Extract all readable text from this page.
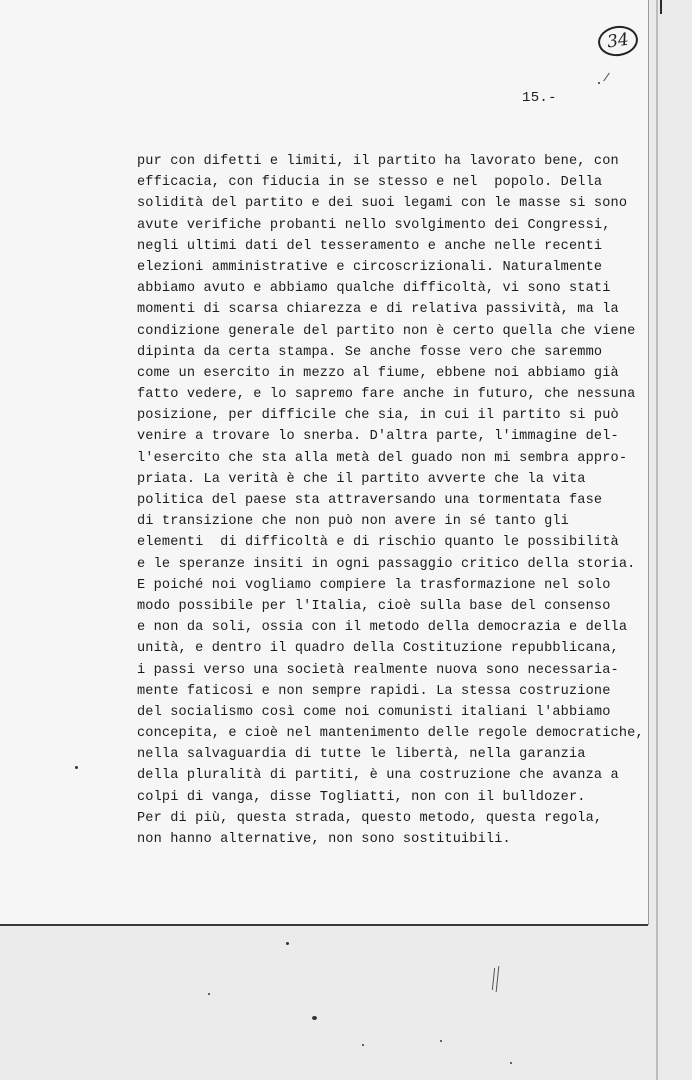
34
15.-
pur con difetti e limiti, il partito ha lavorato bene, con
efficacia, con fiducia in se stesso e nel  popolo. Della
solidità del partito e dei suoi legami con le masse si sono
avute verifiche probanti nello svolgimento dei Congressi,
negli ultimi dati del tesseramento e anche nelle recenti
elezioni amministrative e circoscrizionali. Naturalmente
abbiamo avuto e abbiamo qualche difficoltà, vi sono stati
momenti di scarsa chiarezza e di relativa passività, ma la
condizione generale del partito non è certo quella che viene
dipinta da certa stampa. Se anche fosse vero che saremmo
come un esercito in mezzo al fiume, ebbene noi abbiamo già
fatto vedere, e lo sapremo fare anche in futuro, che nessuna
posizione, per difficile che sia, in cui il partito si può
venire a trovare lo snerba. D'altra parte, l'immagine del-
l'esercito che sta alla metà del guado non mi sembra appro-
priata. La verità è che il partito avverte che la vita
politica del paese sta attraversando una tormentata fase
di transizione che non può non avere in sé tanto gli
elementi  di difficoltà e di rischio quanto le possibilità
e le speranze insiti in ogni passaggio critico della storia.
E poiché noi vogliamo compiere la trasformazione nel solo
modo possibile per l'Italia, cioè sulla base del consenso
e non da soli, ossia con il metodo della democrazia e della
unità, e dentro il quadro della Costituzione repubblicana,
i passi verso una società realmente nuova sono necessaria-
mente faticosi e non sempre rapidi. La stessa costruzione
del socialismo così come noi comunisti italiani l'abbiamo
concepita, e cioè nel mantenimento delle regole democratiche,
nella salvaguardia di tutte le libertà, nella garanzia
della pluralità di partiti, è una costruzione che avanza a
colpi di vanga, disse Togliatti, non con il bulldozer.
Per di più, questa strada, questo metodo, questa regola,
non hanno alternative, non sono sostituibili.
